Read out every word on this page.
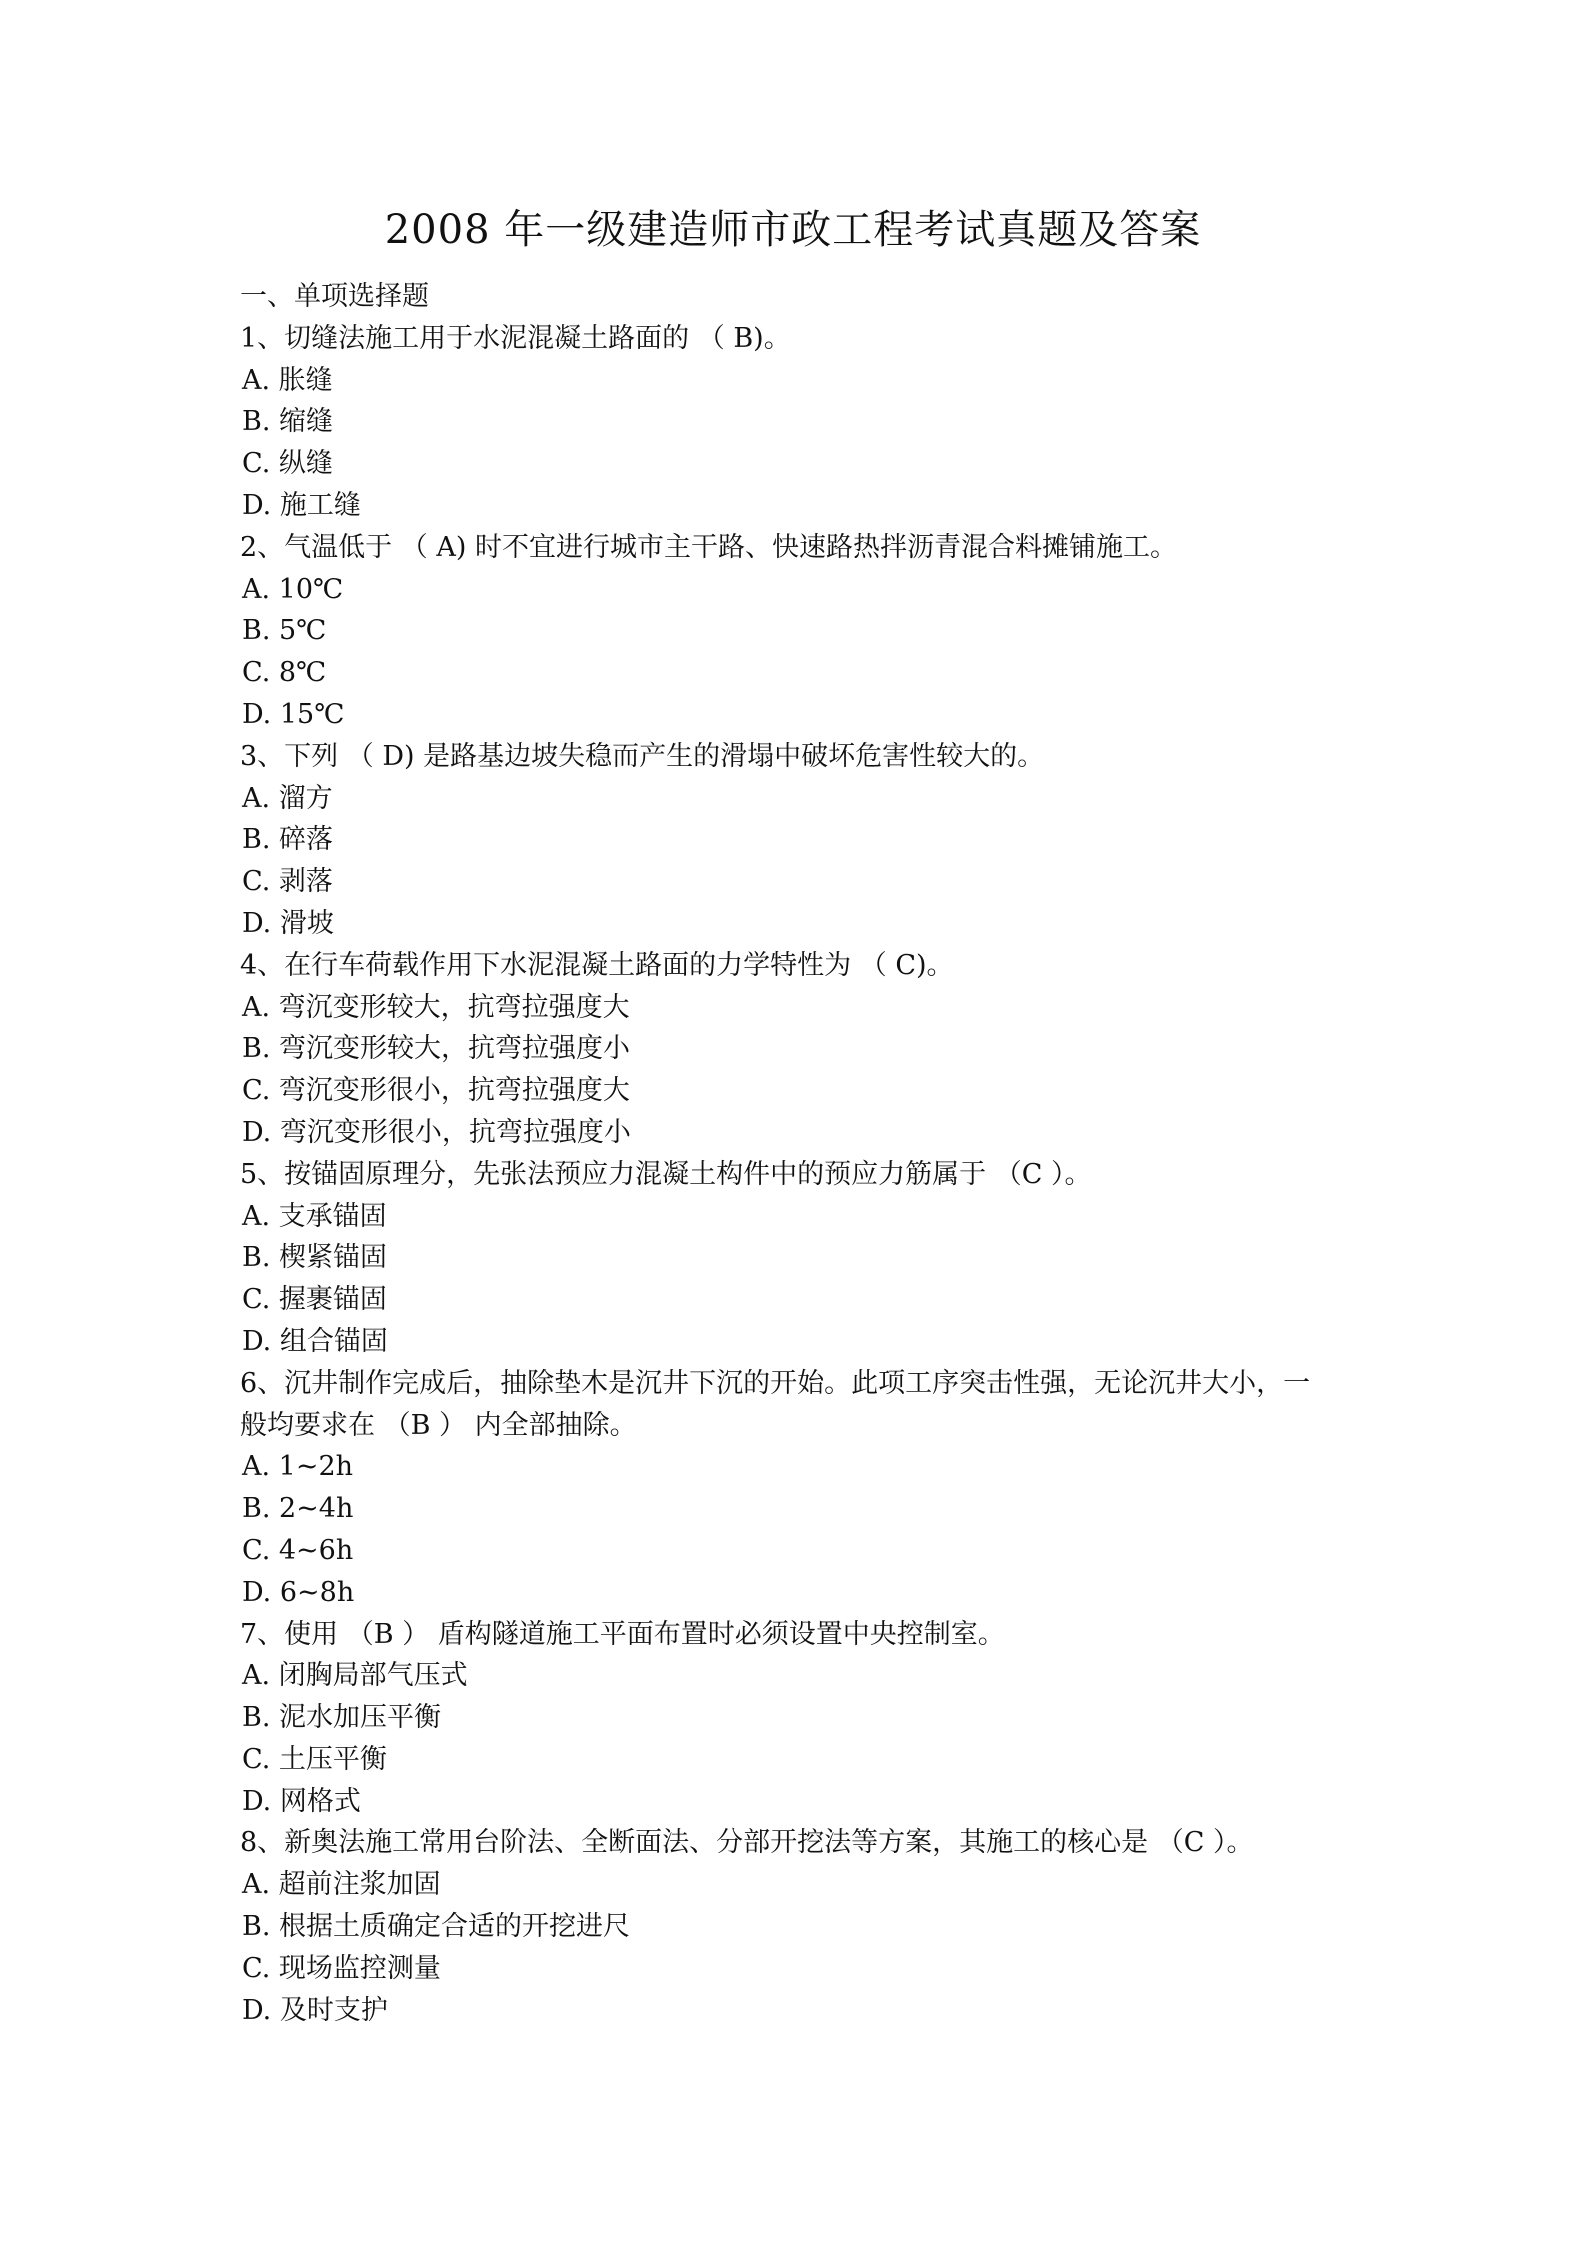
2008 年一级建造师市政工程考试真题及答案

一、单项选择题

1、切缝法施工用于水泥混凝土路面的 （ B)。

A. 胀缝

B. 缩缝

C. 纵缝

D. 施工缝

2、气温低于 （ A) 时不宜进行城市主干路、快速路热拌沥青混合料摊铺施工。

A. 10℃

B. 5℃

C. 8℃

D. 15℃

3、下列 （ D) 是路基边坡失稳而产生的滑塌中破坏危害性较大的。

A. 溜方

B. 碎落

C. 剥落

D. 滑坡

4、在行车荷载作用下水泥混凝土路面的力学特性为 （ C)。

A. 弯沉变形较大，抗弯拉强度大

B. 弯沉变形较大，抗弯拉强度小

C. 弯沉变形很小，抗弯拉强度大

D. 弯沉变形很小，抗弯拉强度小

5、按锚固原理分，先张法预应力混凝土构件中的预应力筋属于 （C ）。

A. 支承锚固

B. 楔紧锚固

C. 握裹锚固

D. 组合锚固

6、沉井制作完成后，抽除垫木是沉井下沉的开始。此项工序突击性强，无论沉井大小，一

般均要求在 （B ） 内全部抽除。

A. 1~2h

B. 2~4h

C. 4~6h

D. 6~8h

7、使用 （B ） 盾构隧道施工平面布置时必须设置中央控制室。

A. 闭胸局部气压式

B. 泥水加压平衡

C. 土压平衡

D. 网格式

8、新奥法施工常用台阶法、全断面法、分部开挖法等方案，其施工的核心是 （C ）。

A. 超前注浆加固

B. 根据土质确定合适的开挖进尺

C. 现场监控测量

D. 及时支护
